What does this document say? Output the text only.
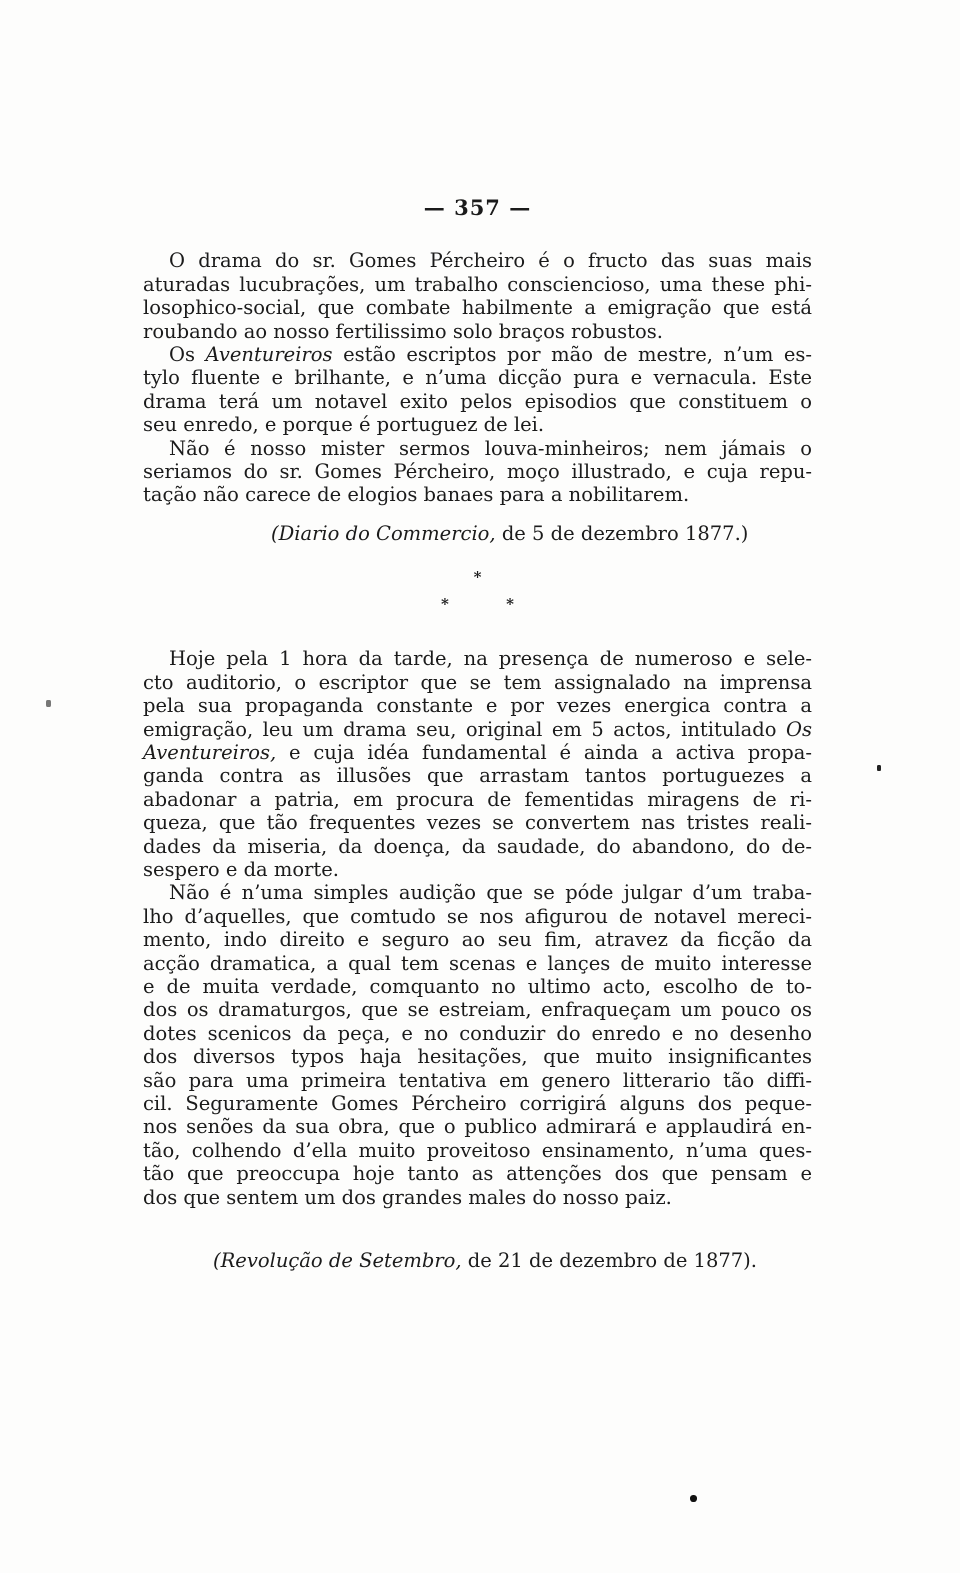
— 357 —
O drama do sr. Gomes Pércheiro é o fructo das suas mais
aturadas lucubrações, um trabalho consciencioso, uma these phi-
losophico-social, que combate habilmente a emigração que está
roubando ao nosso fertilissimo solo braços robustos.
Os Aventureiros estão escriptos por mão de mestre, n’um es-
tylo fluente e brilhante, e n’uma dicção pura e vernacula. Este
drama terá um notavel exito pelos episodios que constituem o
seu enredo, e porque é portuguez de lei.
Não é nosso mister sermos louva-minheiros; nem jámais o
seriamos do sr. Gomes Pércheiro, moço illustrado, e cuja repu-
tação não carece de elogios banaes para a nobilitarem.
(Diario do Commercio, de 5 de dezembro 1877.)
*
* *
Hoje pela 1 hora da tarde, na presença de numeroso e sele-
cto auditorio, o escriptor que se tem assignalado na imprensa
pela sua propaganda constante e por vezes energica contra a
emigração, leu um drama seu, original em 5 actos, intitulado Os
Aventureiros, e cuja idéa fundamental é ainda a activa propa-
ganda contra as illusões que arrastam tantos portuguezes a
abadonar a patria, em procura de fementidas miragens de ri-
queza, que tão frequentes vezes se convertem nas tristes reali-
dades da miseria, da doença, da saudade, do abandono, do de-
sespero e da morte.
Não é n’uma simples audição que se póde julgar d’um traba-
lho d’aquelles, que comtudo se nos afigurou de notavel mereci-
mento, indo direito e seguro ao seu fim, atravez da ficção da
acção dramatica, a qual tem scenas e lançes de muito interesse
e de muita verdade, comquanto no ultimo acto, escolho de to-
dos os dramaturgos, que se estreiam, enfraqueçam um pouco os
dotes scenicos da peça, e no conduzir do enredo e no desenho
dos diversos typos haja hesitações, que muito insignificantes
são para uma primeira tentativa em genero litterario tão diffi-
cil. Seguramente Gomes Pércheiro corrigirá alguns dos peque-
nos senões da sua obra, que o publico admirará e applaudirá en-
tão, colhendo d’ella muito proveitoso ensinamento, n’uma ques-
tão que preoccupa hoje tanto as attenções dos que pensam e
dos que sentem um dos grandes males do nosso paiz.
(Revolução de Setembro, de 21 de dezembro de 1877).
